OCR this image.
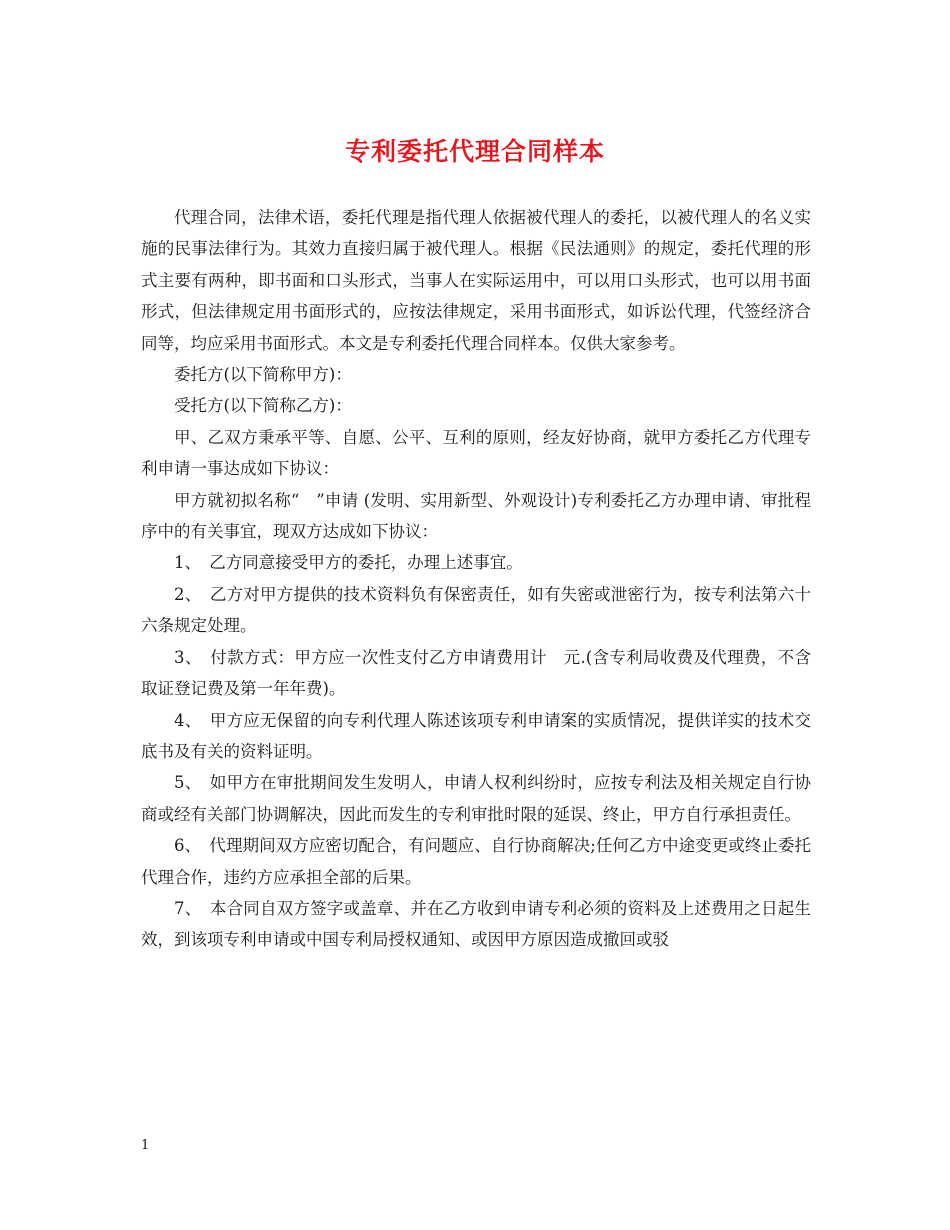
专利委托代理合同样本

代理合同，法律术语，委托代理是指代理人依据被代理人的委托，以被代理人的名义实施的民事法律行为。其效力直接归属于被代理人。根据《民法通则》的规定，委托代理的形式主要有两种，即书面和口头形式，当事人在实际运用中，可以用口头形式，也可以用书面形式，但法律规定用书面形式的，应按法律规定，采用书面形式，如诉讼代理，代签经济合同等，均应采用书面形式。本文是专利委托代理合同样本。仅供大家参考。

委托方(以下简称甲方)：

受托方(以下简称乙方)：

甲、乙双方秉承平等、自愿、公平、互利的原则，经友好协商，就甲方委托乙方代理专利申请一事达成如下协议：

甲方就初拟名称“　”申请 (发明、实用新型、外观设计)专利委托乙方办理申请、审批程序中的有关事宜，现双方达成如下协议：

1、　乙方同意接受甲方的委托，办理上述事宜。

2、　乙方对甲方提供的技术资料负有保密责任，如有失密或泄密行为，按专利法第六十六条规定处理。

3、　付款方式：甲方应一次性支付乙方申请费用计　元.(含专利局收费及代理费，不含取证登记费及第一年年费)。

4、　甲方应无保留的向专利代理人陈述该项专利申请案的实质情况，提供详实的技术交底书及有关的资料证明。

5、　如甲方在审批期间发生发明人，申请人权利纠纷时，应按专利法及相关规定自行协商或经有关部门协调解决，因此而发生的专利审批时限的延误、终止，甲方自行承担责任。

6、　代理期间双方应密切配合，有问题应、自行协商解决;任何乙方中途变更或终止委托代理合作，违约方应承担全部的后果。

7、　本合同自双方签字或盖章、并在乙方收到申请专利必须的资料及上述费用之日起生效，到该项专利申请或中国专利局授权通知、或因甲方原因造成撤回或驳

1
